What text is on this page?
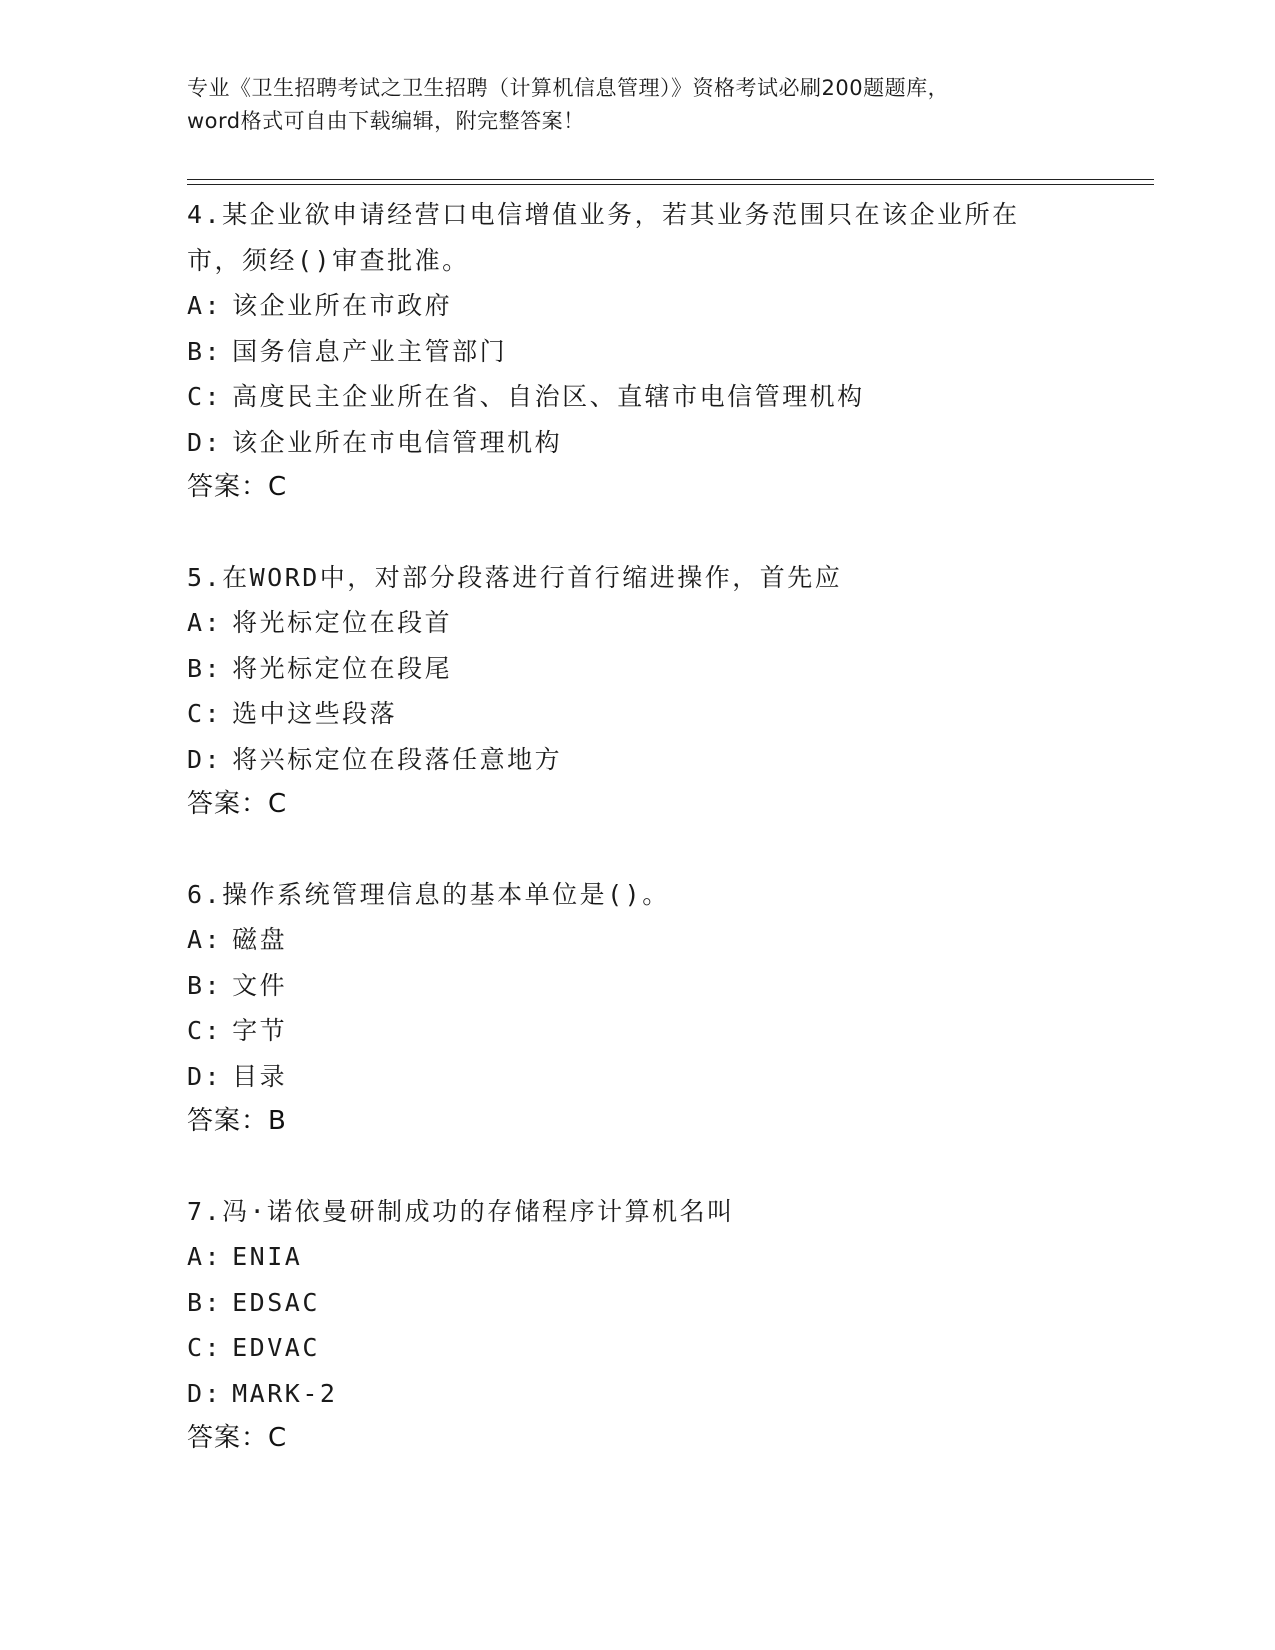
专业《卫生招聘考试之卫生招聘（计算机信息管理）》资格考试必刷200题题库，
word格式可自由下载编辑，附完整答案！
4.某企业欲申请经营口电信增值业务，若其业务范围只在该企业所在
市，须经()审查批准。
A: 该企业所在市政府
B: 国务信息产业主管部门
C: 高度民主企业所在省、自治区、直辖市电信管理机构
D: 该企业所在市电信管理机构
答案：C
5.在WORD中，对部分段落进行首行缩进操作，首先应
A: 将光标定位在段首
B: 将光标定位在段尾
C: 选中这些段落
D: 将兴标定位在段落任意地方
答案：C
6.操作系统管理信息的基本单位是()。
A: 磁盘
B: 文件
C: 字节
D: 目录
答案：B
7.冯·诺依曼研制成功的存储程序计算机名叫
A: ENIA
B: EDSAC
C: EDVAC
D: MARK-2
答案：C
